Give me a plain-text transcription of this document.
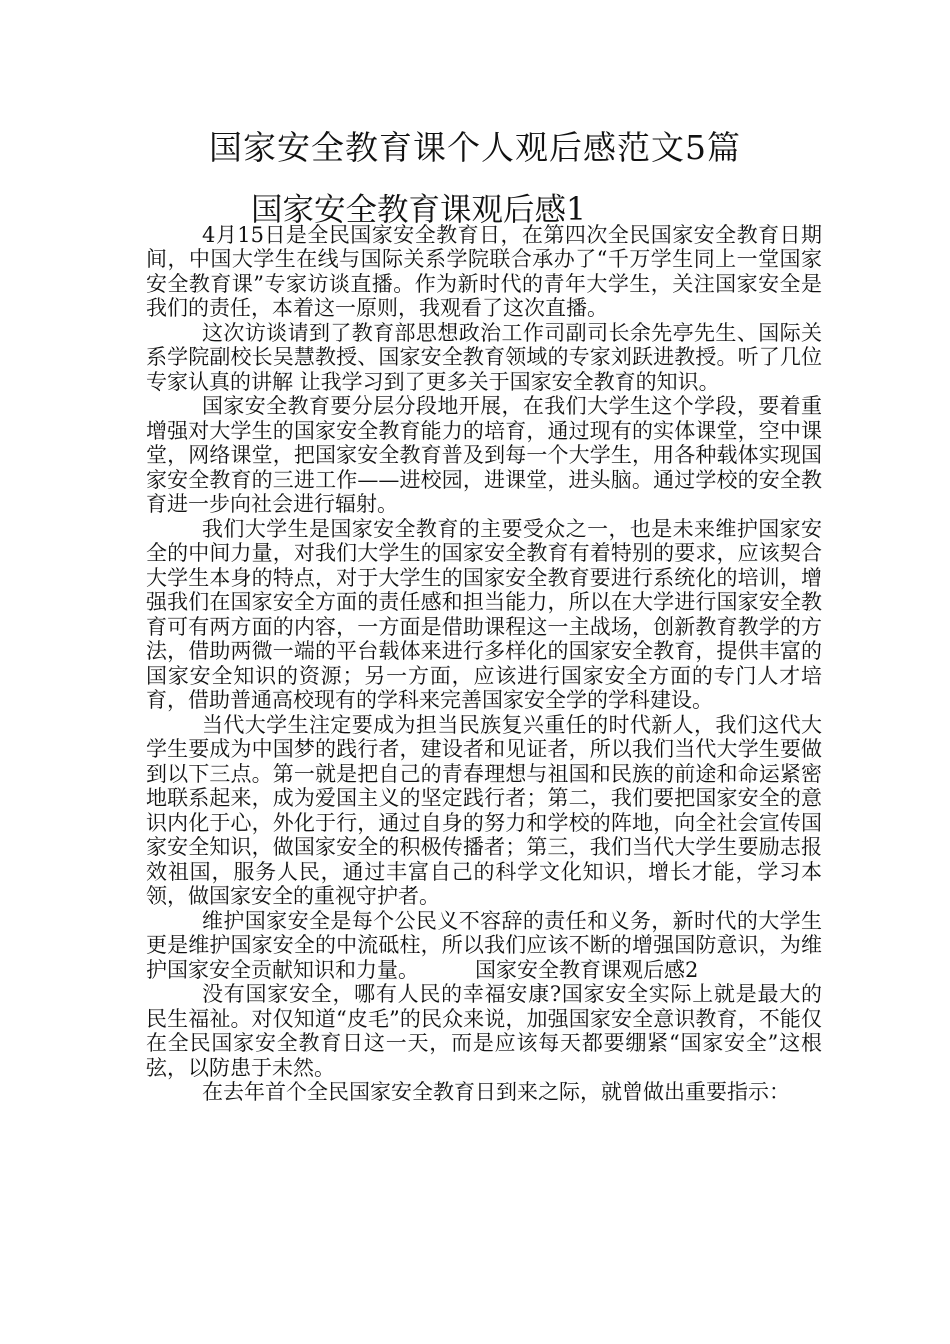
国家安全教育课个人观后感范文5篇
国家安全教育课观后感1

4月15日是全民国家安全教育日，在第四次全民国家安全教育日期间，中国大学生在线与国际关系学院联合承办了“千万学生同上一堂国家安全教育课”专家访谈直播。作为新时代的青年大学生，关注国家安全是我们的责任，本着这一原则，我观看了这次直播。

这次访谈请到了教育部思想政治工作司副司长余先亭先生、国际关系学院副校长吴慧教授、国家安全教育领域的专家刘跃进教授。听了几位专家认真的讲解 让我学习到了更多关于国家安全教育的知识。

国家安全教育要分层分段地开展，在我们大学生这个学段，要着重增强对大学生的国家安全教育能力的培育，通过现有的实体课堂，空中课堂，网络课堂，把国家安全教育普及到每一个大学生，用各种载体实现国家安全教育的三进工作——进校园，进课堂，进头脑。通过学校的安全教育进一步向社会进行辐射。

我们大学生是国家安全教育的主要受众之一，也是未来维护国家安全的中间力量，对我们大学生的国家安全教育有着特别的要求，应该契合大学生本身的特点，对于大学生的国家安全教育要进行系统化的培训，增强我们在国家安全方面的责任感和担当能力，所以在大学进行国家安全教育可有两方面的内容，一方面是借助课程这一主战场，创新教育教学的方法，借助两微一端的平台载体来进行多样化的国家安全教育，提供丰富的国家安全知识的资源；另一方面，应该进行国家安全方面的专门人才培育，借助普通高校现有的学科来完善国家安全学的学科建设。

当代大学生注定要成为担当民族复兴重任的时代新人，我们这代大学生要成为中国梦的践行者，建设者和见证者，所以我们当代大学生要做到以下三点。第一就是把自己的青春理想与祖国和民族的前途和命运紧密地联系起来，成为爱国主义的坚定践行者；第二，我们要把国家安全的意识内化于心，外化于行，通过自身的努力和学校的阵地，向全社会宣传国家安全知识，做国家安全的积极传播者；第三，我们当代大学生要励志报效祖国，服务人民，通过丰富自己的科学文化知识，增长才能，学习本领，做国家安全的重视守护者。

维护国家安全是每个公民义不容辞的责任和义务，新时代的大学生更是维护国家安全的中流砥柱，所以我们应该不断的增强国防意识，为维护国家安全贡献知识和力量。	国家安全教育课观后感2

没有国家安全，哪有人民的幸福安康?国家安全实际上就是最大的民生福祉。对仅知道“皮毛”的民众来说，加强国家安全意识教育，不能仅在全民国家安全教育日这一天，而是应该每天都要绷紧“国家安全”这根弦，以防患于未然。

在去年首个全民国家安全教育日到来之际，就曾做出重要指示：
